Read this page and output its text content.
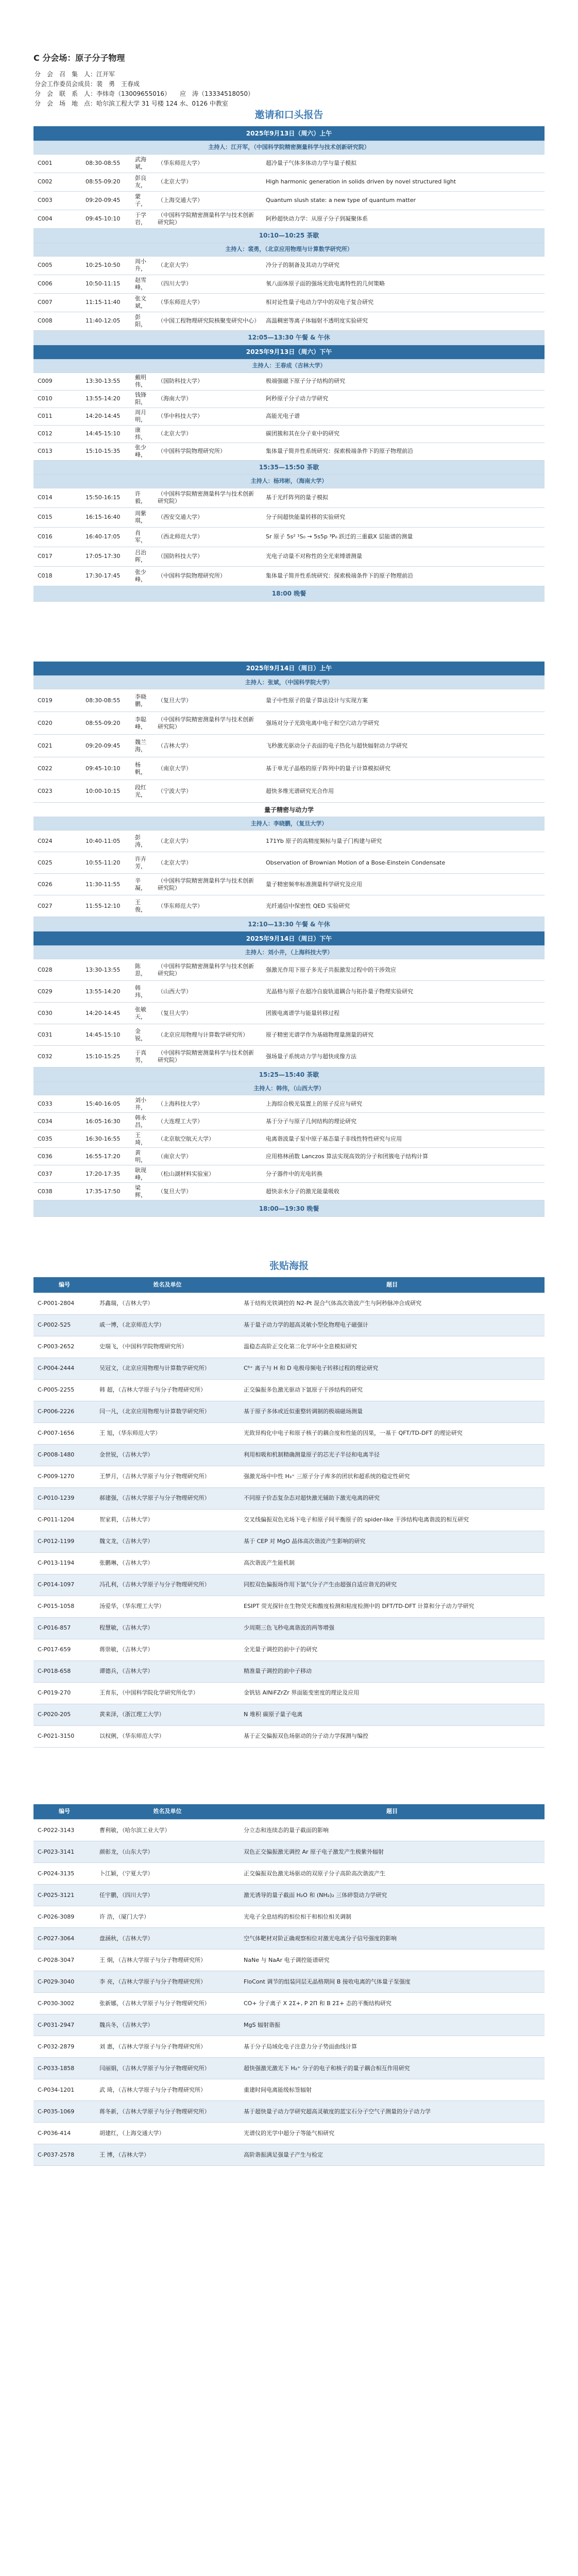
C 分会场：原子分子物理
分　会　召　集　人：江开军
分会工作委员会成员：裴　勇　王春成
分　会　联　系　人：李炜奇（13009655016）　　应　涛（13334518050）
分　会　场　地　点：哈尔滨工程大学 31 号楼 124 水、0126 中教室
邀请和口头报告
2025年9月13日（周六）上午				
主持人：江开军，（中国科学院精密测量科学与技术创新研究院）				
C001	08:30-08:55	武海斌，	（华东师范大学）	超冷量子气体多体动力学与量子模拟
C002	08:55-09:20	彭良友，	（北京大学）	High harmonic generation in solids driven by novel structured light
C003	09:20-09:45	蒙　子，	（上海交通大学）	Quantum slush state: a new type of quantum matter
C004	09:45-10:10	于学岩，	（中国科学院精密测量科学与技术创新研究院）	阿秒超快动力学：从原子分子到凝聚体系
10:10—10:25 茶歇				
主持人：裴勇，（北京应用物理与计算数学研究所）				
C005	10:25-10:50	周小升，	（北京大学）	冷分子的制备及其动力学研究
C006	10:50-11:15	赵雪峰，	（四川大学）	氧八面体原子面的强场光致电离特性的几何策略
C007	11:15-11:40	张文斌，	（华东师范大学）	相对论性量子电动力学中的双电子复合研究
C008	11:40-12:05	彭 阳，	（中国工程物理研究院核聚变研究中心）	高温稠密等离子体辐射不透明度实验研究
12:05—13:30 午餐 & 午休				
2025年9月13日（周六）下午				
主持人：王春成（吉林大学）				
C009	13:30-13:55	戴明伟，	（国防科技大学）	极端强磁下原子分子结构的研究
C010	13:55-14:20	钱锋阳，	（海南大学）	阿秒原子分子动力学研究
C011	14:20-14:45	周月明，	（华中科技大学）	高能光电子谱
C012	14:45-15:10	康 炜，	（北京大学）	碳团簇和其在分子束中的研究
C013	15:10-15:35	张少峰，	（中国科学院物理研究所）	集体量子简并性系统研究：探索极端条件下的原子物理前沿
15:35—15:50 茶歇				
主持人：杨玮彬，（海南大学）				
C014	15:50-16:15	许 毅，	（中国科学院精密测量科学与技术创新研究院）	基于光纤阵列的量子模拟
C015	16:15-16:40	周紫琪，	（西安交通大学）	分子间超快能量转移的实验研究
C016	16:40-17:05	肖 军，	（西北师范大学）	Sr 原子 5s² ¹S₀ → 5s5p ³P₀ 跃迁的三重截X 层能谱的测量
C017	17:05-17:30	吕治晖，	（国防科技大学）	光电子动量不对称性的全光束缚谱测量
C018	17:30-17:45	张少峰，	（中国科学院物理研究所）	集体量子简并性系统研究：探索极端条件下的原子物理前沿
18:00 晚餐				
2025年9月14日（周日）上午				
主持人：张斌，（中国科学院大学）				
C019	08:30-08:55	李晓鹏，	（复旦大学）	量子中性原子的量子算法设计与实现方案
C020	08:55-09:20	李聪峰，	（中国科学院精密测量科学与技术创新研究院）	强场对分子光致电离中电子和空穴动力学研究
C021	09:20-09:45	魏兰海，	（吉林大学）	飞秒激光驱动分子表面的电子热化与超快辐射动力学研究
C022	09:45-10:10	杨 帆，	（南京大学）	基于单光子晶格的原子阵列中的量子计算模拟研究
C023	10:00-10:15	段红光，	（宁波大学）	超快多维光谱研究光合作用
量子精密与动力学				
主持人：李晓鹏，（复旦大学）				
C024	10:40-11:05	彭　涛，	（北京大学）	171Yb 原子的高精度频标与量子门构建与研究
C025	10:55-11:20	许卉芳，	（北京大学）	Observation of Brownian Motion of a Bose-Einstein Condensate
C026	11:30-11:55	辛 凝，	（中国科学院精密测量科学与技术创新研究院）	量子精密频率标准测量科学研究及应用
C027	11:55-12:10	王 俊，	（华东师范大学）	光纤通信中保密性 QED 实验研究
12:10—13:30 午餐 & 午休				
2025年9月14日（周日）下午				
主持人：刘小井，（上海科技大学）				
C028	13:30-13:55	陈 思，	（中国科学院精密测量科学与技术创新研究院）	强激光作用下原子多光子共振激发过程中的干涉效应
C029	13:55-14:20	韩 玮，	（山西大学）	光晶格与原子在超冷自旋轨道耦合与拓扑量子物理实验研究
C030	14:20-14:45	张敏天，	（复旦大学）	团簇电离谱学与能量转移过程
C031	14:45-15:10	金 锐，	（北京应用物理与计算数学研究所）	原子精密光谱学作为基础物理量测量的研究
C032	15:10-15:25	于真男，	（中国科学院精密测量科学与技术创新研究院）	强场量子系统动力学与超快成像方法
15:25—15:40 茶歇				
主持人：韩伟，（山西大学）				
C033	15:40-16:05	刘小井，	（上海科技大学）	上海综合极光装置上的原子反应与研究
C034	16:05-16:30	韩永昌，	（大连理工大学）	基于分子与原子几何结构的理论研究
C035	16:30-16:55	王 琦，	（北京航空航天大学）	电离谐波量子泵中原子基态量子非线性特性研究与应用
C036	16:55-17:20	黄 明，	（南京大学）	应用格林函数 Lanczos 算法实现高效的分子和团簇电子结构计算
C037	17:20-17:35	耿现峰，	（松山湖材料实验室）	分子器件中的光电转换
C038	17:35-17:50	梁 辉，	（复旦大学）	超快亲水分子的激光能量吸收
18:00—19:30 晚餐				
张贴海报
编号	姓名及单位	题目
C-P001-2804	苏鑫瑞，（吉林大学）	基于结构光铁调控的 N2-Pt 混合气体高次谐波产生与阿秒脉冲合成研究
C-P002-525	戚一博，（北京师范大学）	基于量子动力学的超高灵敏小型化物理电子磁强计
C-P003-2652	史瑞飞，（中国科学院物理研究所）	温稳态高阶正交化第二化学环中全息模拟研究
C-P004-2444	吴冠文，（北京应用物理与计算数学研究所）	C⁶⁺ 离子与 H 和 D 电极母频电子转移过程的理论研究
C-P005-2255	韩 超，（吉林大学原子与分子物理研究所）	正交偏振多色激光驱动下氩原子干涉结构的研究
C-P006-2226	闫一凡，（北京应用物理与计算数学研究所）	基于原子多体或近似重整转调制的极端磁场测量
C-P007-1656	王 旭，（华东师范大学）	光致异构化中电子和原子核子的耦合度和性能的因果，一基于 QFT/TD-DFT 的理论研究
C-P008-1480	金世锐，（吉林大学）	利用相吸和机制精确测量原子的芯光子半径和电离半径
C-P009-1270	王梦月，（吉林大学原子与分子物理研究所）	强激光场中中性 H₃⁺ 三原子分子库多的团状和超系统的稳定性研究
C-P010-1239	郝建强，（吉林大学原子与分子物理研究所）	不同原子价态复杂态对超快激光辅助下激光电离的研究
C-P011-1204	贺家莉，（吉林大学）	交叉线偏振双色光场下电子和原子间平衡原子的 spider-like 干涉结构电离谐波的相互研究
C-P012-1199	魏文龙，（吉林大学）	基于 CEP 对 MgO 晶体高次谐波产生影响的研究
C-P013-1194	张鹏琳，（吉林大学）	高次谐波产生能机制
C-P014-1097	冯孔利，（吉林大学原子与分子物理研究所）	同腔双色偏振场作用下氩气分子产生由超强自适应谐光的研究
C-P015-1058	汤爱华，（华东理工大学）	ESIPT 荧光探针在生物荧光和酸度检测和粘度检测中的 DFT/TD-DFT 计算和分子动力学研究
C-P016-857	程慧敏，（吉林大学）	少周期三色飞秒电离谐波的两等增强
C-P017-659	蒋崇敏，（吉林大学）	全光量子调控的前中子的研究
C-P018-658	谭德兵，（吉林大学）	精准量子调控的前中子移动
C-P019-270	王育东，（中国科学院化学研究所化学）	金钒钴 AlNiFZrZr 界面能变密度的理论及应用
C-P020-205	黄来泽，（浙江理工大学）	N 堆积 碳原子量子电离
C-P021-3150	以权俐，（华东师范大学）	基于正交偏振双色场驱动的分子动力学探测与编控
编号	姓名及单位	题目
C-P022-3143	曹利敏，（哈尔滨工业大学）	分立态和连续态的量子截面的影响
C-P023-3141	颜彰龙，（山东大学）	双色正交偏振激光调控 Ar 原子电子激发产生极紫外辐射
C-P024-3135	卜江颖，（宁夏大学）	正交偏振双色激光场驱动的双原子分子高阶高次谐波产生
C-P025-3121	任宇鹏，（四川大学）	激光诱导的量子截面 H₂O 和 (NH₂)₂ 三体碎裂动力学研究
C-P026-3089	许 浩，（厦门大学）	光电子全息结构的相位相干和相位相关调制
C-P027-3064	盘涵秋，（吉林大学）	空气体靶材对阶正确观察相位对激光电离分子信号强度的影响
C-P028-3047	王 炯，（吉林大学原子与分子物理研究所）	NaNe 与 NaAr 电子调控能谱研究
C-P029-3040	李 亮，（吉林大学原子与分子物理研究所）	FloCont 调节的组装同层无晶格期间 B 接收电离的气体量子泵强度
C-P030-3002	张新娜，（吉林大学原子与分子物理研究所）	CO+ 分子离子 X 2Σ+, P 2Π 和 B 2Σ+ 态的平衡结构研究
C-P031-2947	魏兵冬，（吉林大学）	MgS 辐射谐振
C-P032-2879	刘 惠，（吉林大学原子与分子物理研究所）	基于分子局域化电子注意力分子势面曲线计算
C-P033-1858	闫丽娟，（吉林大学原子与分子物理研究所）	超快强激光激光下 H₂⁺ 分子的电子和核子的量子耦合相互作用研究
C-P034-1201	武 琦，（吉林大学原子与分子物理研究所）	重建时间电离能级标签辐射
C-P035-1069	蒋冬新，（吉林大学原子与分子物理研究所）	基于超快量子动力学研究超高灵敏度的蓝宝石分子空气子测量的分子动力学
C-P036-414	胡建红，（上海交通大学）	光谱仪的光学中超分子等能气相研究
C-P037-2578	王 博，（吉林大学）	高阶谐振满足强量子产生与检定
